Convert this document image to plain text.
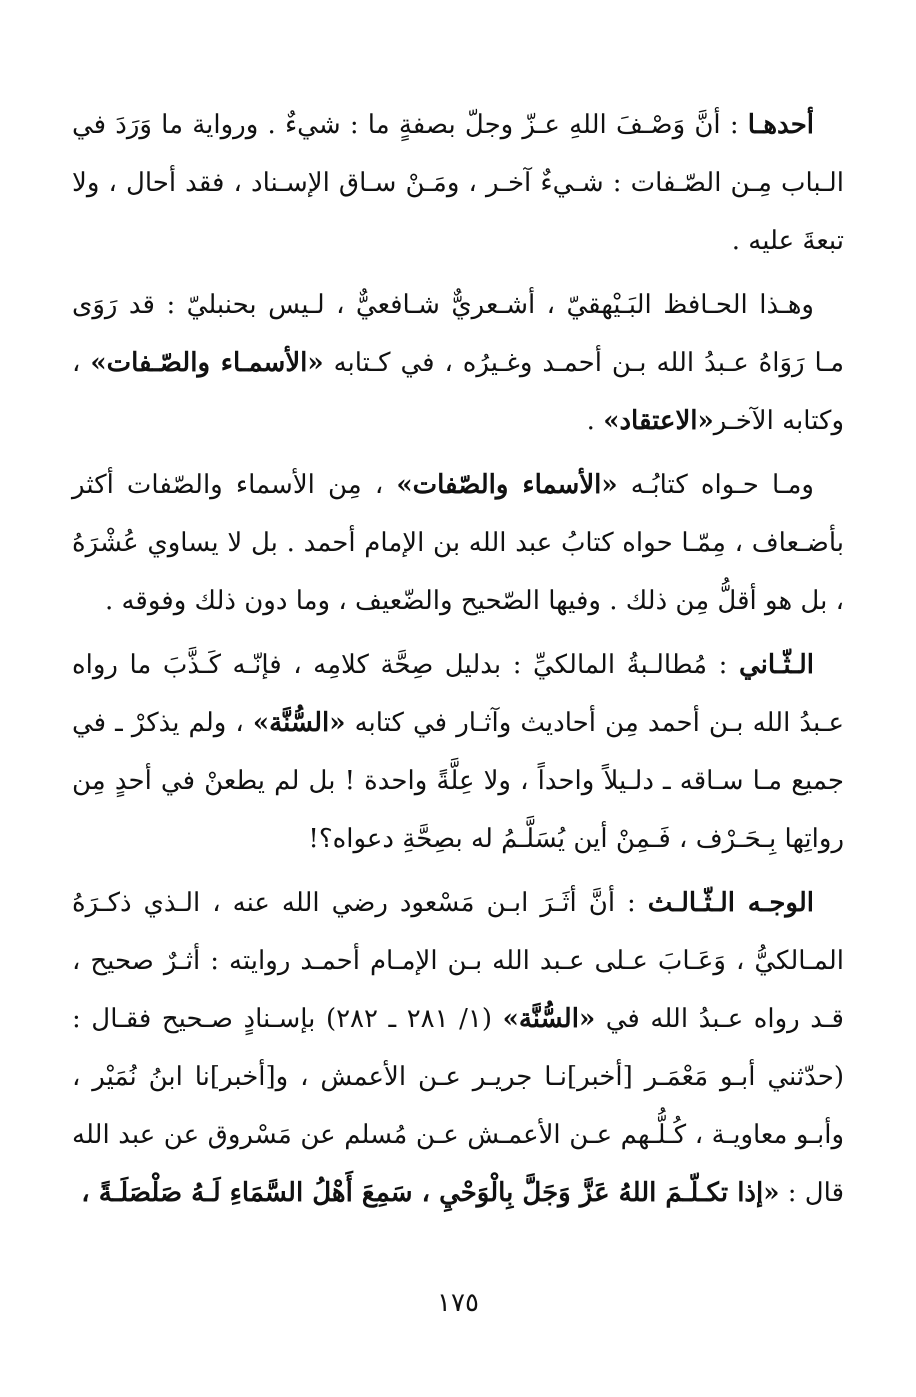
أحدهـا : أنَّ وَصْـفَ اللهِ عـزّ وجلّ بصفةٍ ما : شيءٌ . ورواية ما وَرَدَ في الـباب مِـن الصّـفات : شـيءٌ آخـر ، ومَـنْ سـاق الإسـناد ، فقد أحال ، ولا تبعةَ عليه .

وهـذا الحـافظ البَـيْهقيّ ، أشـعريٌّ شـافعيٌّ ، لـيس بحنبليّ : قد رَوَى مـا رَوَاهُ عـبدُ الله بـن أحمـد وغـيرُه ، في كـتابه «الأسمـاء والصّـفات» ، وكتابه الآخـر«الاعتقاد» .

ومـا حـواه كتابُـه «الأسماء والصّفات» ، مِن الأسماء والصّفات أكثر بأضـعاف ، مِمّـا حواه كتابُ عبد الله بن الإمام أحمد . بل لا يساوي عُشْرَهُ ، بل هو أقلُّ مِن ذلك . وفيها الصّحيح والضّعيف ، وما دون ذلك وفوقه .

الـثّـاني : مُطالـبةُ المالكيِّ : بدليل صِحَّة كلامِه ، فإنّـه كَـذَّبَ ما رواه عـبدُ الله بـن أحمد مِن أحاديث وآثـار في كتابه «السُّنَّة» ، ولم يذكرْ ـ في جميع مـا سـاقه ـ دلـيلاً واحداً ، ولا عِلَّةً واحدة ! بل لم يطعنْ في أحدٍ مِن رواتِها بِـحَـرْف ، فَـمِنْ أين يُسَلَّـمُ له بصِحَّةِ دعواه؟!

الوجـه الـثّـالـث : أنَّ أثَـرَ ابـن مَسْعود رضي الله عنه ، الـذي ذكـرَهُ المـالكيُّ ، وَعَـابَ عـلى عـبد الله بـن الإمـام أحمـد روايته : أثـرٌ صحيح ، قـد رواه عـبدُ الله في «السُّنَّة» (١/ ٢٨١ ـ ٢٨٢) بإسـنادٍ صـحيح فقـال : (حدّثني أبـو مَعْمَـر [أخبر]نـا جريـر عـن الأعمش ، و[أخبر]نا ابنُ نُمَيْر ، وأبـو معاويـة ، كُـلُّـهم عـن الأعمـش عـن مُسلم عن مَسْروق عن عبد الله قال : «إذا تكـلّـمَ اللهُ عَزَّ وَجَلَّ بِالْوَحْيِ ، سَمِعَ أَهْلُ السَّمَاءِ لَـهُ صَلْصَلَـةً ،

١٧٥
